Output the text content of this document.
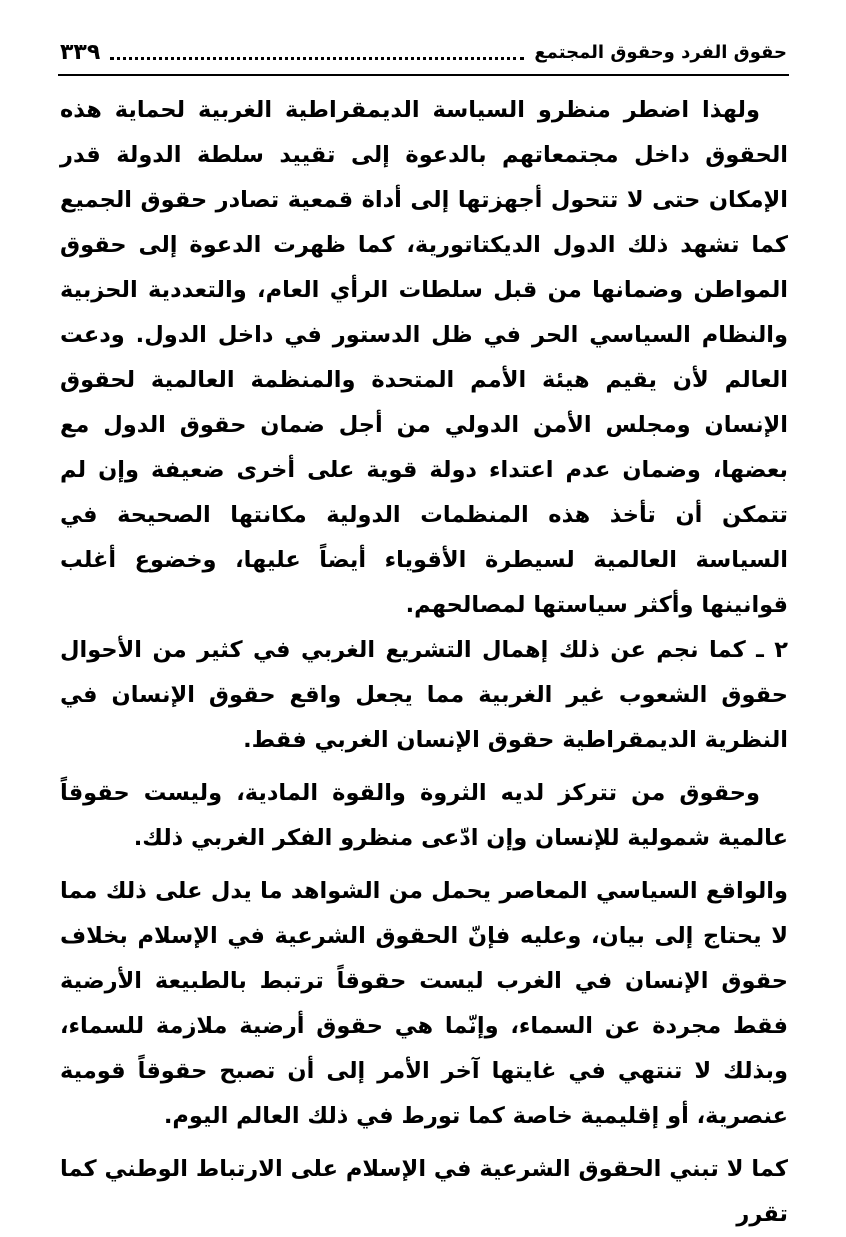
حقوق الفرد وحقوق المجتمع
٣٣٩

ولهذا اضطر منظرو السياسة الديمقراطية الغربية لحماية هذه الحقوق داخل مجتمعاتهم بالدعوة إلى تقييد سلطة الدولة قدر الإمكان حتى لا تتحول أجهزتها إلى أداة قمعية تصادر حقوق الجميع كما تشهد ذلك الدول الديكتاتورية، كما ظهرت الدعوة إلى حقوق المواطن وضمانها من قبل سلطات الرأي العام، والتعددية الحزبية والنظام السياسي الحر في ظل الدستور في داخل الدول. ودعت العالم لأن يقيم هيئة الأمم المتحدة والمنظمة العالمية لحقوق الإنسان ومجلس الأمن الدولي من أجل ضمان حقوق الدول مع بعضها، وضمان عدم اعتداء دولة قوية على أخرى ضعيفة وإن لم تتمكن أن تأخذ هذه المنظمات الدولية مكانتها الصحيحة في السياسة العالمية لسيطرة الأقوياء أيضاً عليها، وخضوع أغلب قوانينها وأكثر سياستها لمصالحهم.

٢ ـ كما نجم عن ذلك إهمال التشريع الغربي في كثير من الأحوال حقوق الشعوب غير الغربية مما يجعل واقع حقوق الإنسان في النظرية الديمقراطية حقوق الإنسان الغربي فقط.

وحقوق من تتركز لديه الثروة والقوة المادية، وليست حقوقاً عالمية شمولية للإنسان وإن ادّعى منظرو الفكر الغربي ذلك.

والواقع السياسي المعاصر يحمل من الشواهد ما يدل على ذلك مما لا يحتاج إلى بيان، وعليه فإنّ الحقوق الشرعية في الإسلام بخلاف حقوق الإنسان في الغرب ليست حقوقاً ترتبط بالطبيعة الأرضية فقط مجردة عن السماء، وإنّما هي حقوق أرضية ملازمة للسماء، وبذلك لا تنتهي في غايتها آخر الأمر إلى أن تصبح حقوقاً قومية عنصرية، أو إقليمية خاصة كما تورط في ذلك العالم اليوم.

كما لا تبني الحقوق الشرعية في الإسلام على الارتباط الوطني كما تقرر
